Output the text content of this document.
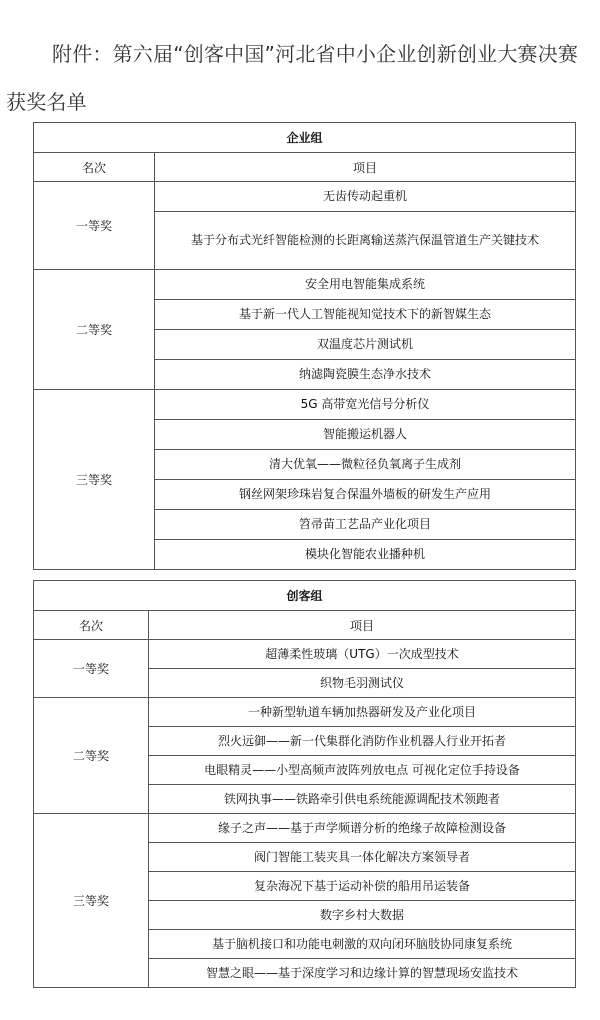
附件：第六届“创客中国”河北省中小企业创新创业大赛决赛获奖名单
企业组	
名次	项目
一等奖	无齿传动起重机
	基于分布式光纤智能检测的长距离输送蒸汽保温管道生产关键技术
二等奖	安全用电智能集成系统
	基于新一代人工智能视知觉技术下的新智媒生态
	双温度芯片测试机
	纳滤陶瓷膜生态净水技术
三等奖	5G 高带宽光信号分析仪
	智能搬运机器人
	清大优氧——微粒径负氧离子生成剂
	钢丝网架珍珠岩复合保温外墙板的研发生产应用
	笤帚苗工艺品产业化项目
	模块化智能农业播种机
创客组	
名次	项目
一等奖	超薄柔性玻璃（UTG）一次成型技术
	织物毛羽测试仪
二等奖	一种新型轨道车辆加热器研发及产业化项目
	烈火远御——新一代集群化消防作业机器人行业开拓者
	电眼精灵——小型高频声波阵列放电点 可视化定位手持设备
	铁网执事——铁路牵引供电系统能源调配技术领跑者
三等奖	缘子之声——基于声学频谱分析的绝缘子故障检测设备
	阀门智能工装夹具一体化解决方案领导者
	复杂海况下基于运动补偿的船用吊运装备
	数字乡村大数据
	基于脑机接口和功能电刺激的双向闭环脑肢协同康复系统
	智慧之眼——基于深度学习和边缘计算的智慧现场安监技术
